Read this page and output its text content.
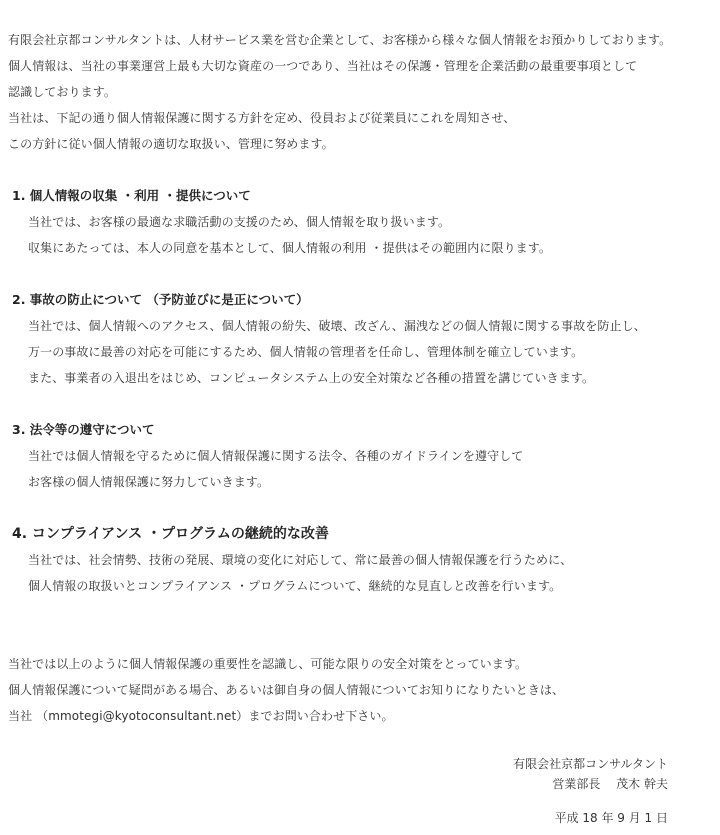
有限会社京都コンサルタントは、人材サービス業を営む企業として、お客様から様々な個人情報をお預かりしております。
個人情報は、当社の事業運営上最も大切な資産の一つであり、当社はその保護・管理を企業活動の最重要事項として
認識しております。
当社は、下記の通り個人情報保護に関する方針を定め、役員および従業員にこれを周知させ、
この方針に従い個人情報の適切な取扱い、管理に努めます。
1. 個人情報の収集 ・利用 ・提供について
当社では、お客様の最適な求職活動の支援のため、個人情報を取り扱います。
収集にあたっては、本人の同意を基本として、個人情報の利用 ・提供はその範囲内に限ります。
2. 事故の防止について （予防並びに是正について）
当社では、個人情報へのアクセス、個人情報の紛失、破壊、改ざん、漏洩などの個人情報に関する事故を防止し、
万一の事故に最善の対応を可能にするため、個人情報の管理者を任命し、管理体制を確立しています。
また、事業者の入退出をはじめ、コンピュータシステム上の安全対策など各種の措置を講じていきます。
3. 法令等の遵守について
当社では個人情報を守るために個人情報保護に関する法令、各種のガイドラインを遵守して
お客様の個人情報保護に努力していきます。
4. コンプライアンス ・プログラムの継続的な改善
当社では、社会情勢、技術の発展、環境の変化に対応して、常に最善の個人情報保護を行うために、
個人情報の取扱いとコンプライアンス ・プログラムについて、継続的な見直しと改善を行います。
当社では以上のように個人情報保護の重要性を認識し、可能な限りの安全対策をとっています。
個人情報保護について疑問がある場合、あるいは御自身の個人情報についてお知りになりたいときは、
当社 （mmotegi@kyotoconsultant.net）までお問い合わせ下さい。
有限会社京都コンサルタント
営業部長　 茂木 幹夫
平成 18 年 9 月 1 日
